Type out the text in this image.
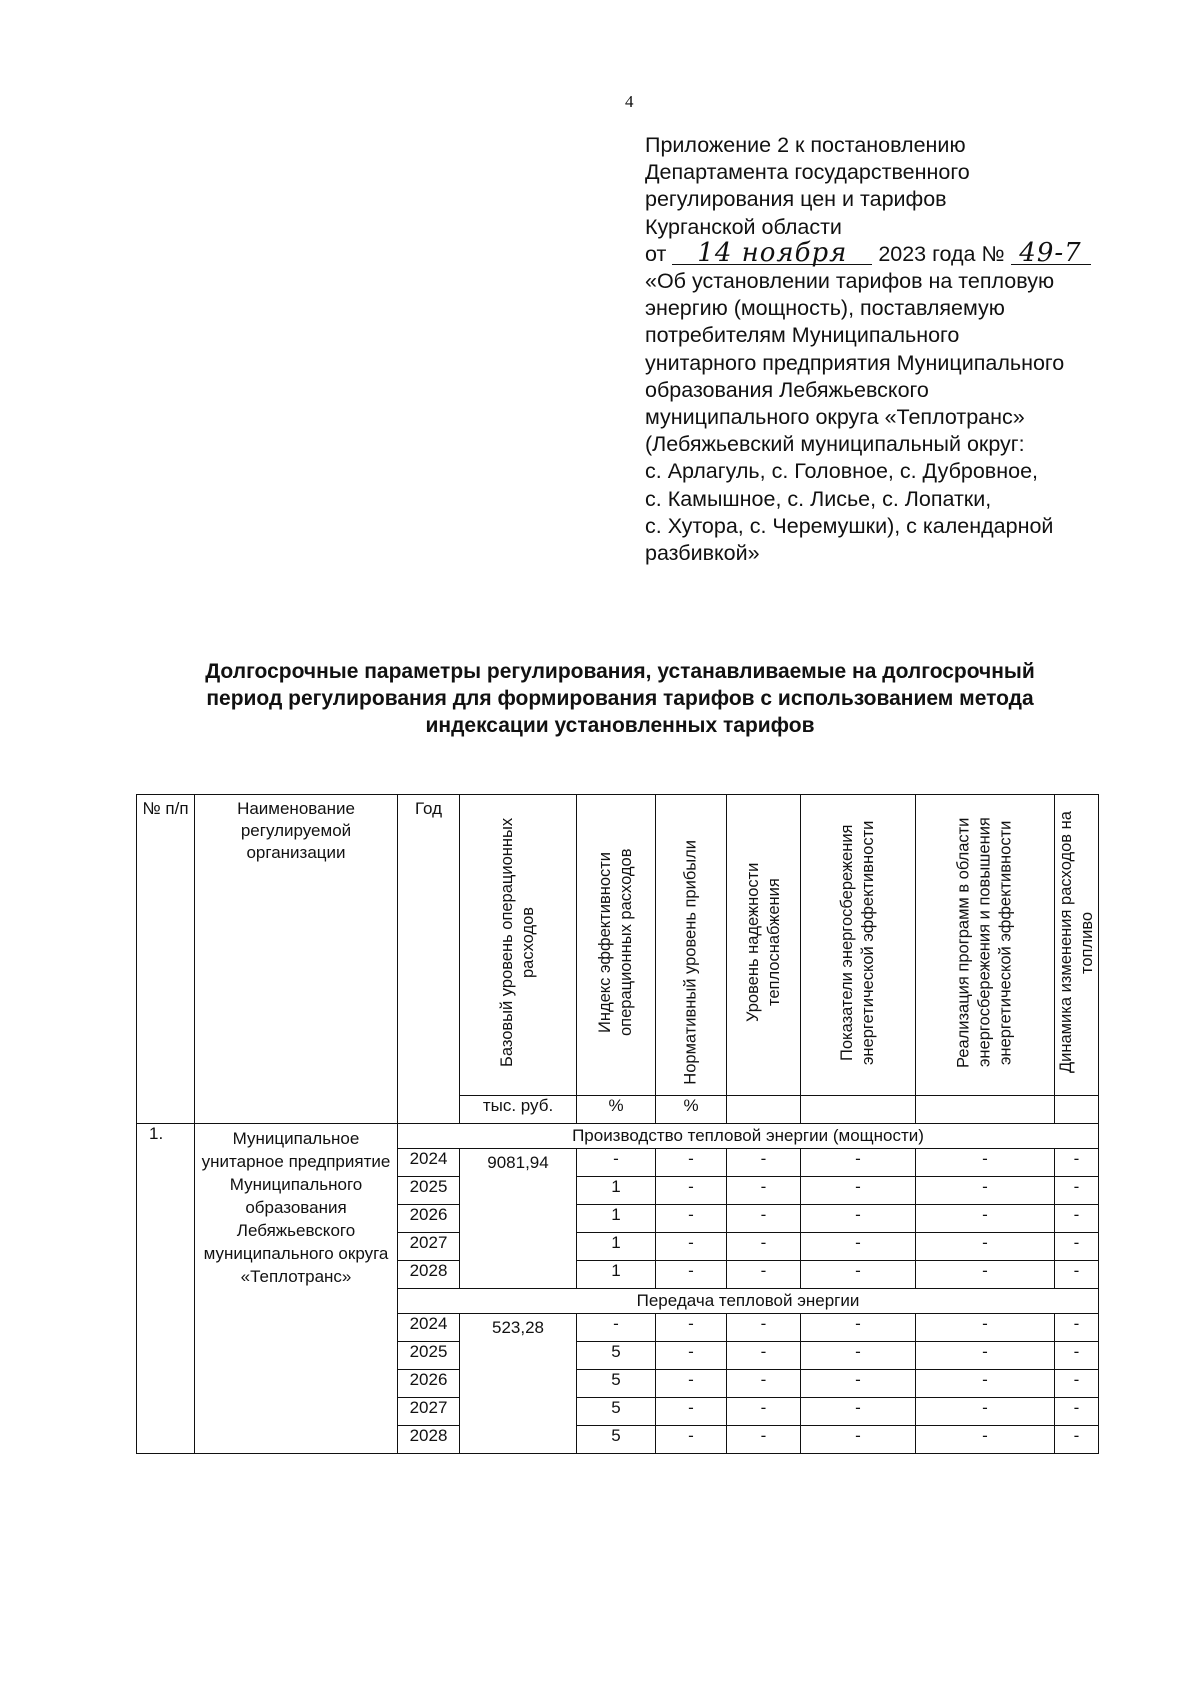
4
Приложение 2 к постановлению
Департамента государственного
регулирования цен и тарифов
Курганской области
от 14 ноября 2023 года № 49-7
«Об установлении тарифов на тепловую
энергию (мощность), поставляемую
потребителям Муниципального
унитарного предприятия Муниципального
образования Лебяжьевского
муниципального округа «Теплотранс»
(Лебяжьевский муниципальный округ:
с. Арлагуль, с. Головное, с. Дубровное,
с. Камышное, с. Лисье, с. Лопатки,
с. Хутора, с. Черемушки), с календарной
разбивкой»
Долгосрочные параметры регулирования, устанавливаемые на долгосрочный
период регулирования для формирования тарифов с использованием метода
индексации установленных тарифов
№ п/п	Наименование регулируемой организации	Год	Базовый уровень операционных расходов	Индекс эффективности операционных расходов	Нормативный уровень прибыли	Уровень надежности теплоснабжения	Показатели энергосбережения энергетической эффективности	Реализация программ в области энергосбережения и повышения энергетической эффективности	Динамика изменения расходов на топливо

			тыс. руб.	%	%				
1.	Муниципальное унитарное предприятие Муниципального образования Лебяжьевского муниципального округа «Теплотранс»	Производство тепловой энергии (мощности)							
		2024	9081,94	-	-	-	-	-	-
		2025		1	-	-	-	-	-
		2026		1	-	-	-	-	-
		2027		1	-	-	-	-	-
		2028		1	-	-	-	-	-
		Передача тепловой энергии							
		2024	523,28	-	-	-	-	-	-
		2025		5	-	-	-	-	-
		2026		5	-	-	-	-	-
		2027		5	-	-	-	-	-
		2028		5	-	-	-	-	-
